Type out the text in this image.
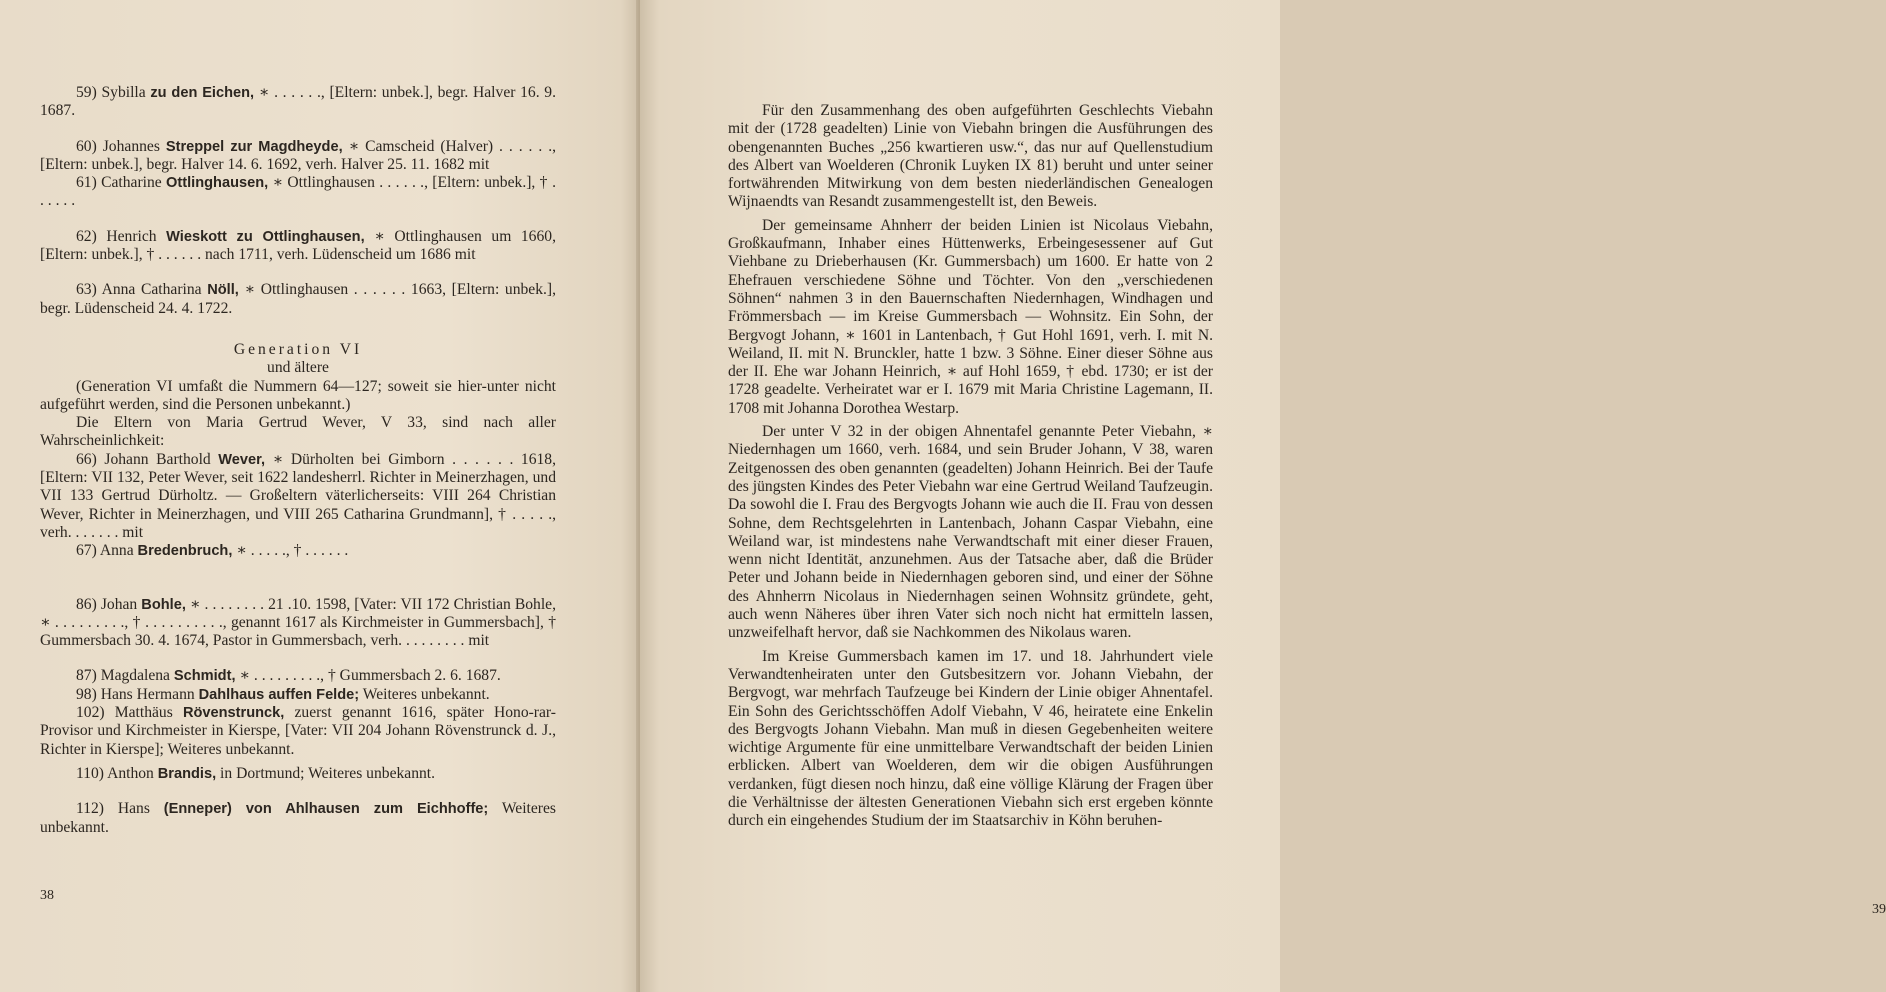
59) Sybilla zu den Eichen, ∗ . . . . . ., [Eltern: unbek.], begr. Halver 16. 9. 1687.

60) Johannes Streppel zur Magdheyde, ∗ Camscheid (Halver) . . . . . ., [Eltern: unbek.], begr. Halver 14. 6. 1692, verh. Halver 25. 11. 1682 mit

61) Catharine Ottlinghausen, ∗ Ottlinghausen . . . . . ., [Eltern: unbek.], † . . . . . .

62) Henrich Wieskott zu Ottlinghausen, ∗ Ottlinghausen um 1660, [Eltern: unbek.], † . . . . . . nach 1711, verh. Lüdenscheid um 1686 mit

63) Anna Catharina Nöll, ∗ Ottlinghausen . . . . . . 1663, [Eltern: unbek.], begr. Lüdenscheid 24. 4. 1722.

Generation VI

und ältere

(Generation VI umfaßt die Nummern 64—127; soweit sie hier-unter nicht aufgeführt werden, sind die Personen unbekannt.)

Die Eltern von Maria Gertrud Wever, V 33, sind nach aller Wahrscheinlichkeit:

66) Johann Barthold Wever, ∗ Dürholten bei Gimborn . . . . . . 1618, [Eltern: VII 132, Peter Wever, seit 1622 landesherrl. Richter in Meinerzhagen, und VII 133 Gertrud Dürholtz. — Großeltern väterlicherseits: VIII 264 Christian Wever, Richter in Meinerzhagen, und VIII 265 Catharina Grundmann], † . . . . ., verh. . . . . . . mit

67) Anna Bredenbruch, ∗ . . . . ., † . . . . . .

86) Johan Bohle, ∗ . . . . . . . . 21 .10. 1598, [Vater: VII 172 Christian Bohle, ∗ . . . . . . . . ., † . . . . . . . . . ., genannt 1617 als Kirchmeister in Gummersbach], † Gummersbach 30. 4. 1674, Pastor in Gummersbach, verh. . . . . . . . . mit

87) Magdalena Schmidt, ∗ . . . . . . . . ., † Gummersbach 2. 6. 1687.

98) Hans Hermann Dahlhaus auffen Felde; Weiteres unbekannt.

102) Matthäus Rövenstrunck, zuerst genannt 1616, später Hono-rar-Provisor und Kirchmeister in Kierspe, [Vater: VII 204 Johann Rövenstrunck d. J., Richter in Kierspe]; Weiteres unbekannt.

110) Anthon Brandis, in Dortmund; Weiteres unbekannt.

112) Hans (Enneper) von Ahlhausen zum Eichhoffe; Weiteres unbekannt.

38

Für den Zusammenhang des oben aufgeführten Geschlechts Viebahn mit der (1728 geadelten) Linie von Viebahn bringen die Ausführungen des obengenannten Buches „256 kwartieren usw.“, das nur auf Quellenstudium des Albert van Woelderen (Chronik Luyken IX 81) beruht und unter seiner fortwährenden Mitwirkung von dem besten niederländischen Genealogen Wijnaendts van Resandt zusammengestellt ist, den Beweis.

Der gemeinsame Ahnherr der beiden Linien ist Nicolaus Viebahn, Großkaufmann, Inhaber eines Hüttenwerks, Erbeingesessener auf Gut Viehbane zu Drieberhausen (Kr. Gummersbach) um 1600. Er hatte von 2 Ehefrauen verschiedene Söhne und Töchter. Von den „verschiedenen Söhnen“ nahmen 3 in den Bauernschaften Niedernhagen, Windhagen und Frömmersbach — im Kreise Gummersbach — Wohnsitz. Ein Sohn, der Bergvogt Johann, ∗ 1601 in Lantenbach, † Gut Hohl 1691, verh. I. mit N. Weiland, II. mit N. Brunckler, hatte 1 bzw. 3 Söhne. Einer dieser Söhne aus der II. Ehe war Johann Heinrich, ∗ auf Hohl 1659, † ebd. 1730; er ist der 1728 geadelte. Verheiratet war er I. 1679 mit Maria Christine Lagemann, II. 1708 mit Johanna Dorothea Westarp.

Der unter V 32 in der obigen Ahnentafel genannte Peter Viebahn, ∗ Niedernhagen um 1660, verh. 1684, und sein Bruder Johann, V 38, waren Zeitgenossen des oben genannten (geadelten) Johann Heinrich. Bei der Taufe des jüngsten Kindes des Peter Viebahn war eine Gertrud Weiland Taufzeugin. Da sowohl die I. Frau des Bergvogts Johann wie auch die II. Frau von dessen Sohne, dem Rechtsgelehrten in Lantenbach, Johann Caspar Viebahn, eine Weiland war, ist mindestens nahe Verwandtschaft mit einer dieser Frauen, wenn nicht Identität, anzunehmen. Aus der Tatsache aber, daß die Brüder Peter und Johann beide in Niedernhagen geboren sind, und einer der Söhne des Ahnherrn Nicolaus in Niedernhagen seinen Wohnsitz gründete, geht, auch wenn Näheres über ihren Vater sich noch nicht hat ermitteln lassen, unzweifelhaft hervor, daß sie Nachkommen des Nikolaus waren.

Im Kreise Gummersbach kamen im 17. und 18. Jahrhundert viele Verwandtenheiraten unter den Gutsbesitzern vor. Johann Viebahn, der Bergvogt, war mehrfach Taufzeuge bei Kindern der Linie obiger Ahnentafel. Ein Sohn des Gerichtsschöffen Adolf Viebahn, V 46, heiratete eine Enkelin des Bergvogts Johann Viebahn. Man muß in diesen Gegebenheiten weitere wichtige Argumente für eine unmittelbare Verwandtschaft der beiden Linien erblicken. Albert van Woelderen, dem wir die obigen Ausführungen verdanken, fügt diesen noch hinzu, daß eine völlige Klärung der Fragen über die Verhältnisse der ältesten Generationen Viebahn sich erst ergeben könnte durch ein eingehendes Studium der im Staatsarchiv in Köhn beruhen-

39
